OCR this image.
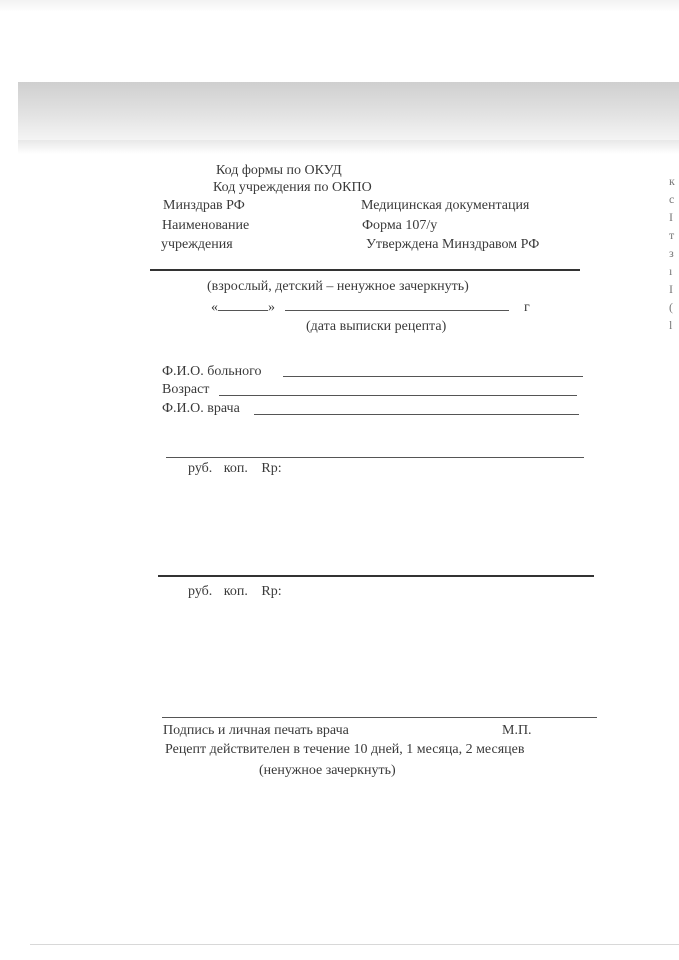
к
с
I
т
з
ı
I
(
l
Код формы по ОКУД
Код учреждения по ОКПО
Минздрав РФ	Медицинская документация
Наименование	Форма 107/у
учреждения	Утверждена Минздравом РФ
(взрослый, детский – ненужное зачеркнуть)
«	»	г
(дата выписки рецепта)
Ф.И.О. больного
Возраст
Ф.И.О. врача
руб. коп. Rp:
руб. коп. Rp:
Подпись и личная печать врача	М.П.
Рецепт действителен в течение 10 дней, 1 месяца, 2 месяцев
(ненужное зачеркнуть)
